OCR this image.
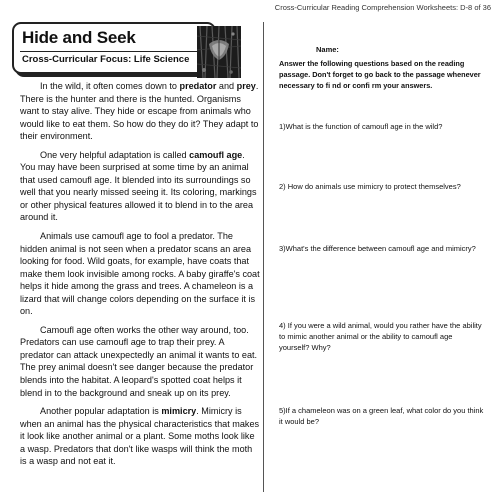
Cross-Curricular Reading Comprehension Worksheets: D-8 of 36
Hide and Seek
Cross-Curricular Focus: Life Science

In the wild, it often comes down to predator and prey. There is the hunter and there is the hunted. Organisms want to stay alive. They hide or escape from animals who would like to eat them. So how do they do it? They adapt to their environment.

One very helpful adaptation is called camoufl age. You may have been surprised at some time by an animal that used camoufl age. It blended into its surroundings so well that you nearly missed seeing it. Its coloring, markings or other physical features allowed it to blend in to the area around it.

Animals use camoufl age to fool a predator. The hidden animal is not seen when a predator scans an area looking for food. Wild goats, for example, have coats that make them look invisible among rocks. A baby giraffe's coat helps it hide among the grass and trees. A chameleon is a lizard that will change colors depending on the surface it is on.

Camoufl age often works the other way around, too. Predators can use camoufl age to trap their prey. A predator can attack unexpectedly an animal it wants to eat. The prey animal doesn't see danger because the predator blends into the habitat. A leopard's spotted coat helps it blend in to the background and sneak up on its prey.

Another popular adaptation is mimicry. Mimicry is when an animal has the physical characteristics that makes it look like another animal or a plant. Some moths look like a wasp. Predators that don't like wasps will think the moth is a wasp and not eat it.

Name:
Answer the following questions based on the reading passage. Don't forget to go back to the passage whenever necessary to fi nd or confi rm your answers.
1)What is the function of camoufl age in the wild?
2) How do animals use mimicry to protect themselves?
3)What's the difference between camoufl age and mimicry?
4) If you were a wild animal, would you rather have the ability to mimic another animal or the ability to camoufl age yourself? Why?
5)If a chameleon was on a green leaf, what color do you think it would be?
